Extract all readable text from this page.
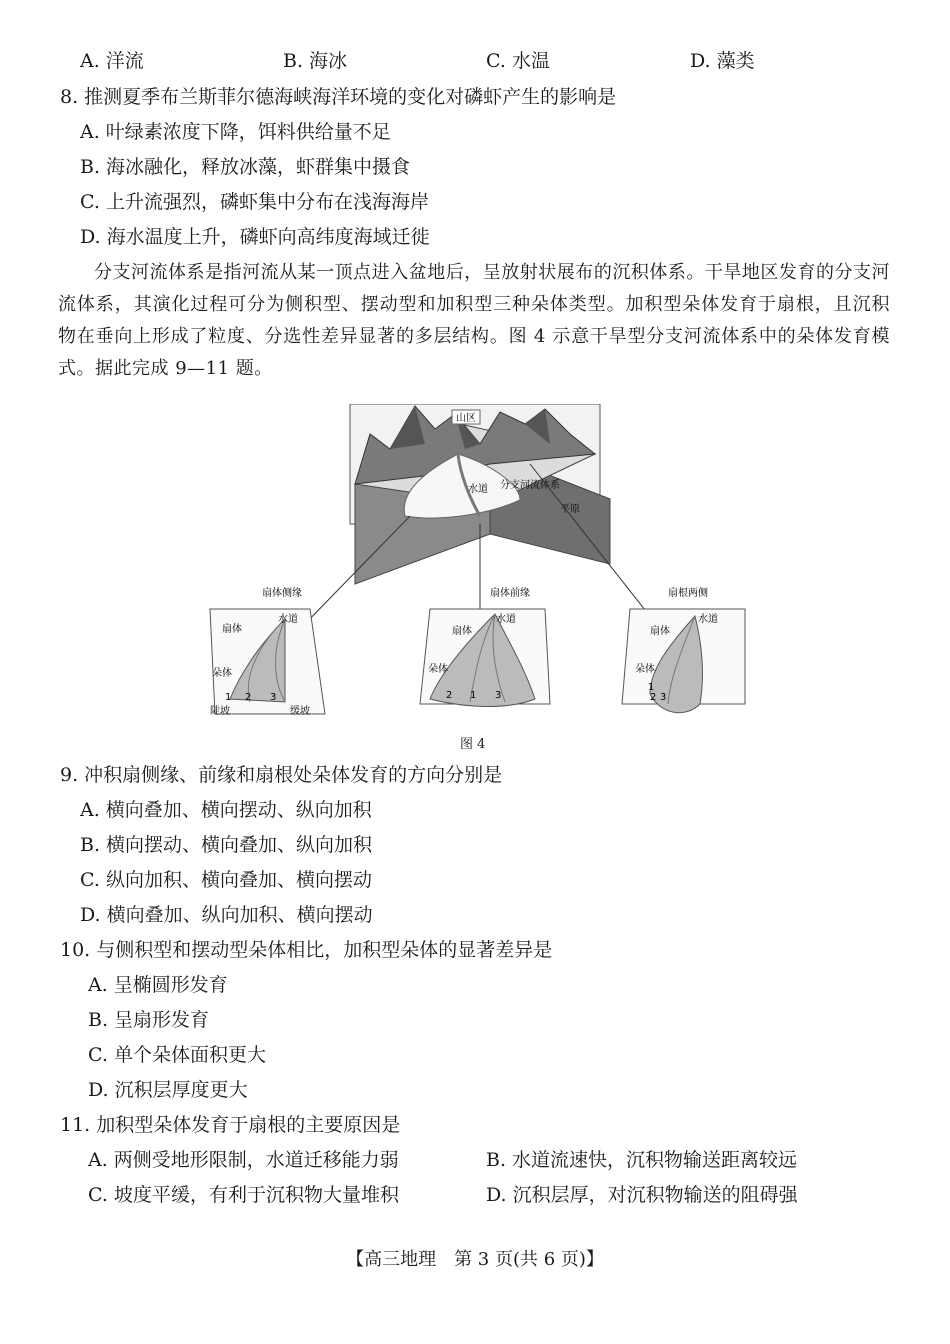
A. 洋流	B. 海冰	C. 水温	D. 藻类
8. 推测夏季布兰斯菲尔德海峡海洋环境的变化对磷虾产生的影响是
A. 叶绿素浓度下降，饵料供给量不足
B. 海冰融化，释放冰藻，虾群集中摄食
C. 上升流强烈，磷虾集中分布在浅海海岸
D. 海水温度上升，磷虾向高纬度海域迁徙
分支河流体系是指河流从某一顶点进入盆地后，呈放射状展布的沉积体系。干旱地区发育的分支河流体系，其演化过程可分为侧积型、摆动型和加积型三种朵体类型。加积型朵体发育于扇根，且沉积物在垂向上形成了粒度、分选性差异显著的多层结构。图 4 示意干旱型分支河流体系中的朵体发育模式。据此完成 9—11 题。
山区
水道 分支河流体系
平原
扇体侧缘
扇体
水道
朵体
1 2 3
陡坡	缓坡
扇体前缘
扇体
水道
朵体
2 1 3
扇根两侧
扇体
水道
朵体
1
2 3
图 4
9. 冲积扇侧缘、前缘和扇根处朵体发育的方向分别是
A. 横向叠加、横向摆动、纵向加积
B. 横向摆动、横向叠加、纵向加积
C. 纵向加积、横向叠加、横向摆动
D. 横向叠加、纵向加积、横向摆动
10. 与侧积型和摆动型朵体相比，加积型朵体的显著差异是
A. 呈椭圆形发育
B. 呈扇形发育
C. 单个朵体面积更大
D. 沉积层厚度更大
11. 加积型朵体发育于扇根的主要原因是
A. 两侧受地形限制，水道迁移能力弱	B. 水道流速快，沉积物输送距离较远
C. 坡度平缓，有利于沉积物大量堆积	D. 沉积层厚，对沉积物输送的阻碍强
【高三地理　第 3 页(共 6 页)】
